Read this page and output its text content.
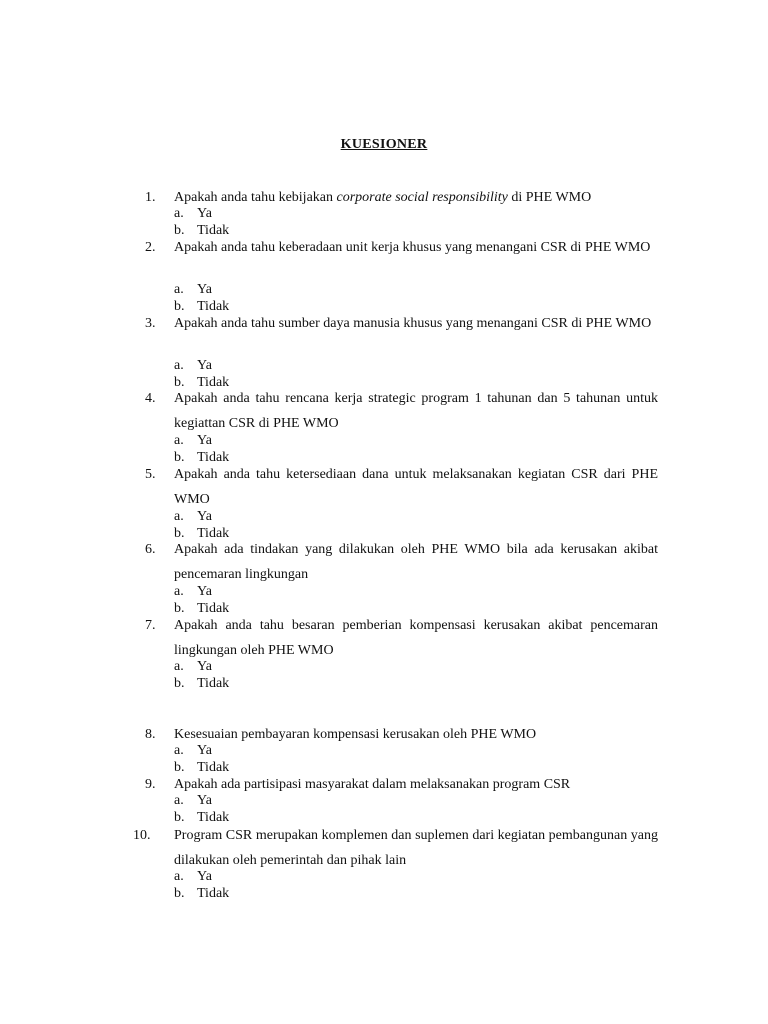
KUESIONER
1. Apakah anda tahu kebijakan corporate social responsibility di PHE WMO
a. Ya
b. Tidak
2. Apakah anda tahu keberadaan unit kerja khusus yang menangani CSR di PHE WMO
a. Ya
b. Tidak
3. Apakah anda tahu sumber daya manusia khusus yang menangani CSR di PHE WMO
a. Ya
b. Tidak
4. Apakah anda tahu rencana kerja strategic program 1 tahunan dan 5 tahunan untuk kegiattan CSR di PHE WMO
a. Ya
b. Tidak
5. Apakah anda tahu ketersediaan dana untuk melaksanakan kegiatan CSR dari PHE WMO
a. Ya
b. Tidak
6. Apakah ada tindakan yang dilakukan oleh PHE WMO bila ada kerusakan akibat pencemaran lingkungan
a. Ya
b. Tidak
7. Apakah anda tahu besaran pemberian kompensasi kerusakan akibat pencemaran lingkungan oleh PHE WMO
a. Ya
b. Tidak
8. Kesesuaian pembayaran kompensasi kerusakan oleh PHE WMO
a. Ya
b. Tidak
9. Apakah ada partisipasi masyarakat dalam melaksanakan program CSR
a. Ya
b. Tidak
10. Program CSR merupakan komplemen dan suplemen dari kegiatan pembangunan yang dilakukan oleh pemerintah dan pihak lain
a. Ya
b. Tidak
